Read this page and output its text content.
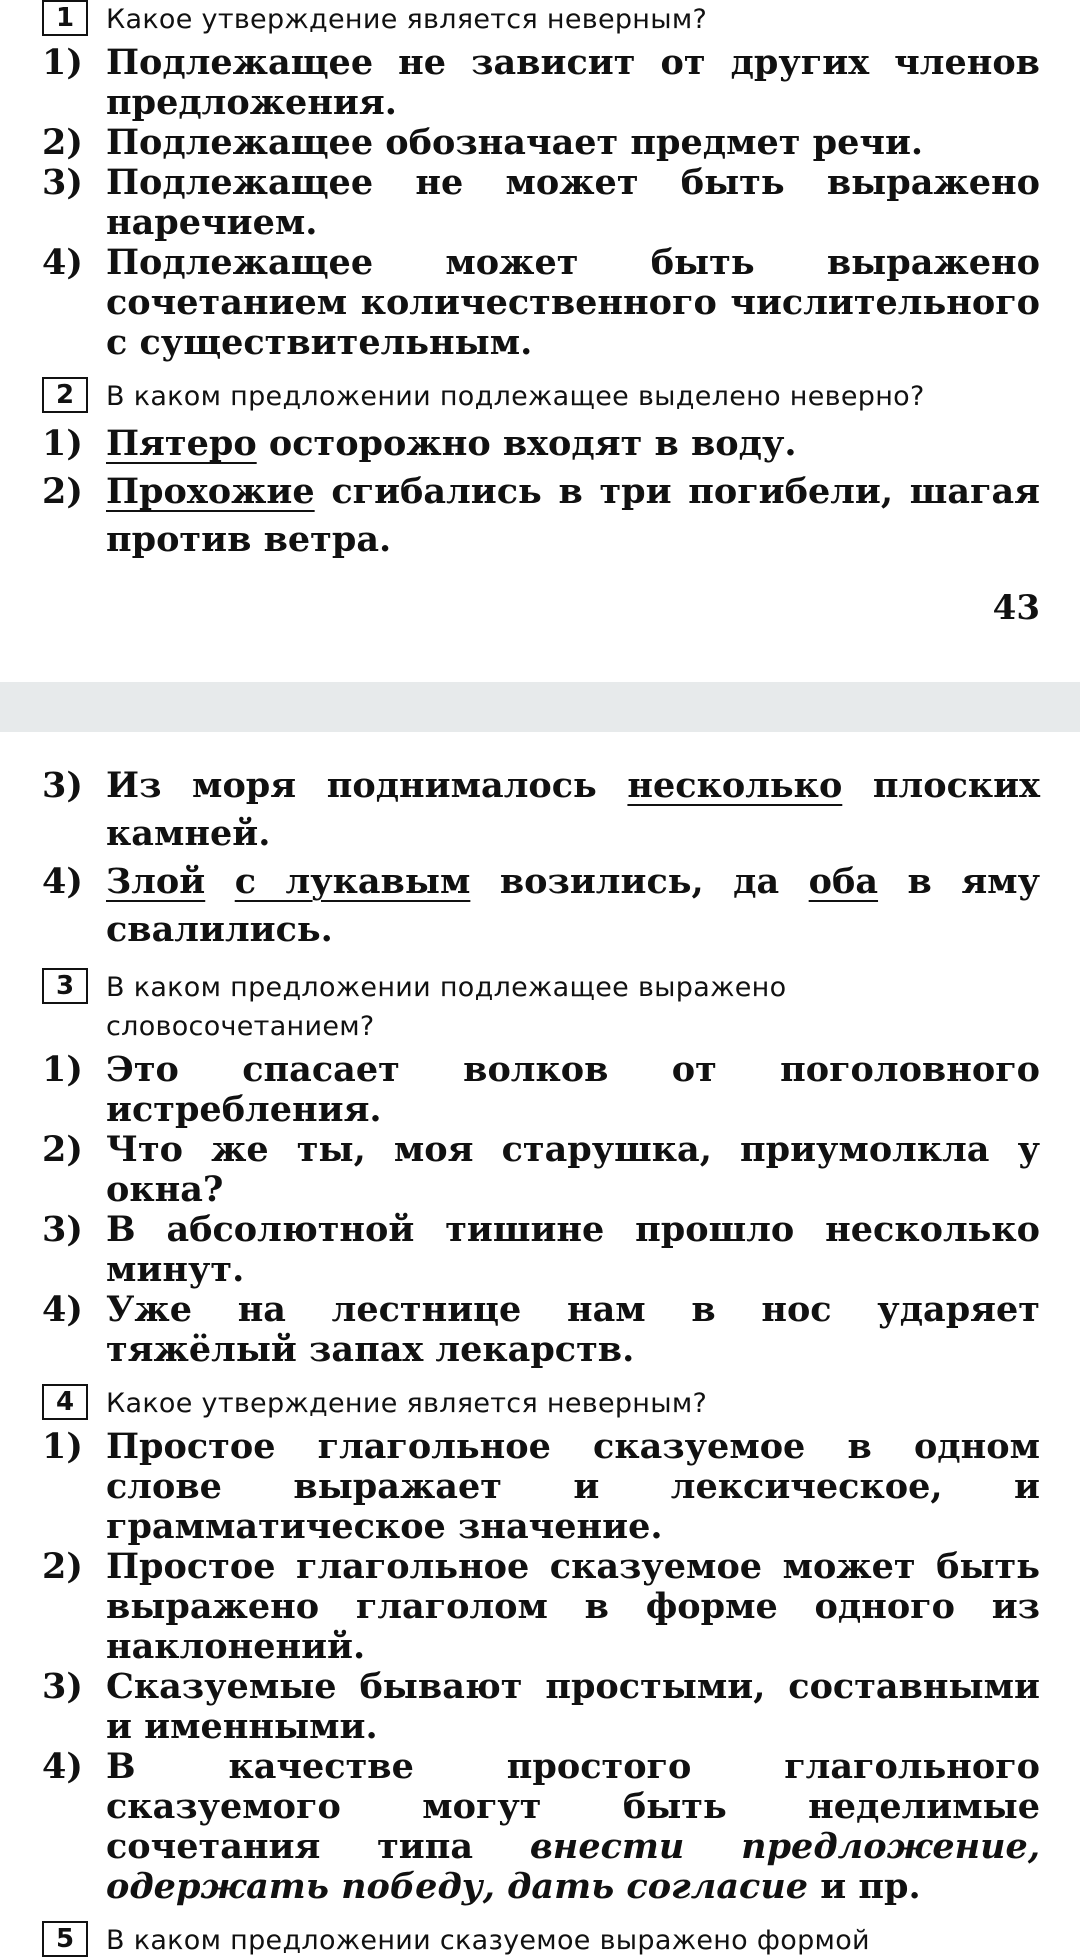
1	Какое утверждение является неверным?
1) Подлежащее не зависит от других членов предложения.
2) Подлежащее обозначает предмет речи.
3) Подлежащее не может быть выражено наречием.
4) Подлежащее может быть выражено сочетанием количественного числительного с существительным.
2	В каком предложении подлежащее выделено неверно?
1) Пятеро осторожно входят в воду.
2) Прохожие сгибались в три погибели, шагая против ветра.
43
3) Из моря поднималось несколько плоских камней.
4) Злой с лукавым возились, да оба в яму свалились.
3	В каком предложении подлежащее выражено словосочетанием?
1) Это спасает волков от поголовного истребления.
2) Что же ты, моя старушка, приумолкла у окна?
3) В абсолютной тишине прошло несколько минут.
4) Уже на лестнице нам в нос ударяет тяжёлый запах лекарств.
4	Какое утверждение является неверным?
1) Простое глагольное сказуемое в одном слове выражает и лексическое, и грамматическое значение.
2) Простое глагольное сказуемое может быть выражено глаголом в форме одного из наклонений.
3) Сказуемые бывают простыми, составными и именными.
4) В качестве простого глагольного сказуемого могут быть неделимые сочетания типа внести предложение, одержать победу, дать согласие и пр.
5	В каком предложении сказуемое выражено формой
